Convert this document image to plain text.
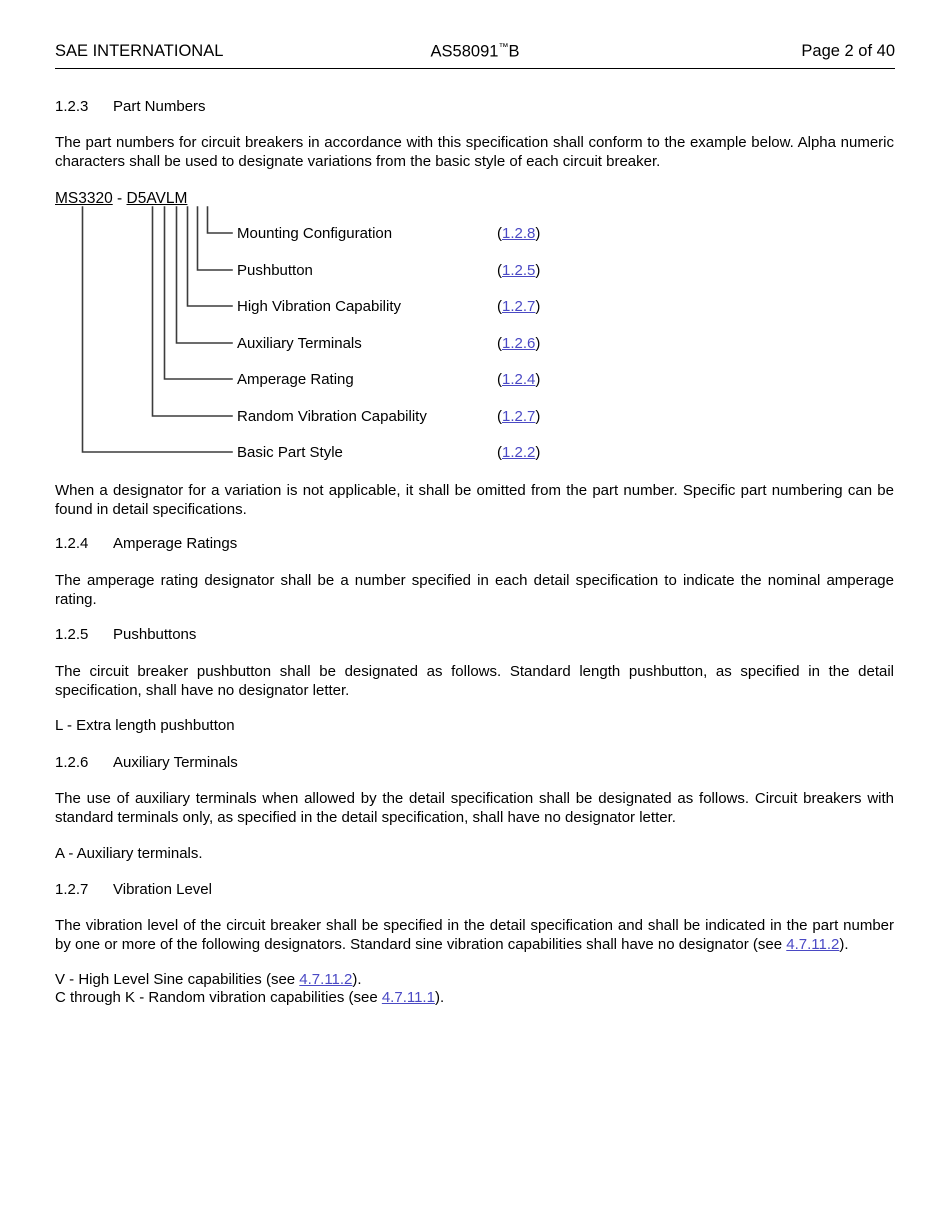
SAE INTERNATIONAL	AS58091™B	Page 2 of 40
1.2.3 Part Numbers
The part numbers for circuit breakers in accordance with this specification shall conform to the example below. Alpha numeric characters shall be used to designate variations from the basic style of each circuit breaker.
MS3320 - D5AVLM
Mounting Configuration	(1.2.8)
Pushbutton	(1.2.5)
High Vibration Capability	(1.2.7)
Auxiliary Terminals	(1.2.6)
Amperage Rating	(1.2.4)
Random Vibration Capability	(1.2.7)
Basic Part Style	(1.2.2)
When a designator for a variation is not applicable, it shall be omitted from the part number. Specific part numbering can be found in detail specifications.
1.2.4 Amperage Ratings
The amperage rating designator shall be a number specified in each detail specification to indicate the nominal amperage rating.
1.2.5 Pushbuttons
The circuit breaker pushbutton shall be designated as follows. Standard length pushbutton, as specified in the detail specification, shall have no designator letter.
L - Extra length pushbutton
1.2.6 Auxiliary Terminals
The use of auxiliary terminals when allowed by the detail specification shall be designated as follows. Circuit breakers with standard terminals only, as specified in the detail specification, shall have no designator letter.
A - Auxiliary terminals.
1.2.7 Vibration Level
The vibration level of the circuit breaker shall be specified in the detail specification and shall be indicated in the part number by one or more of the following designators. Standard sine vibration capabilities shall have no designator (see 4.7.11.2).
V - High Level Sine capabilities (see 4.7.11.2).
C through K - Random vibration capabilities (see 4.7.11.1).
